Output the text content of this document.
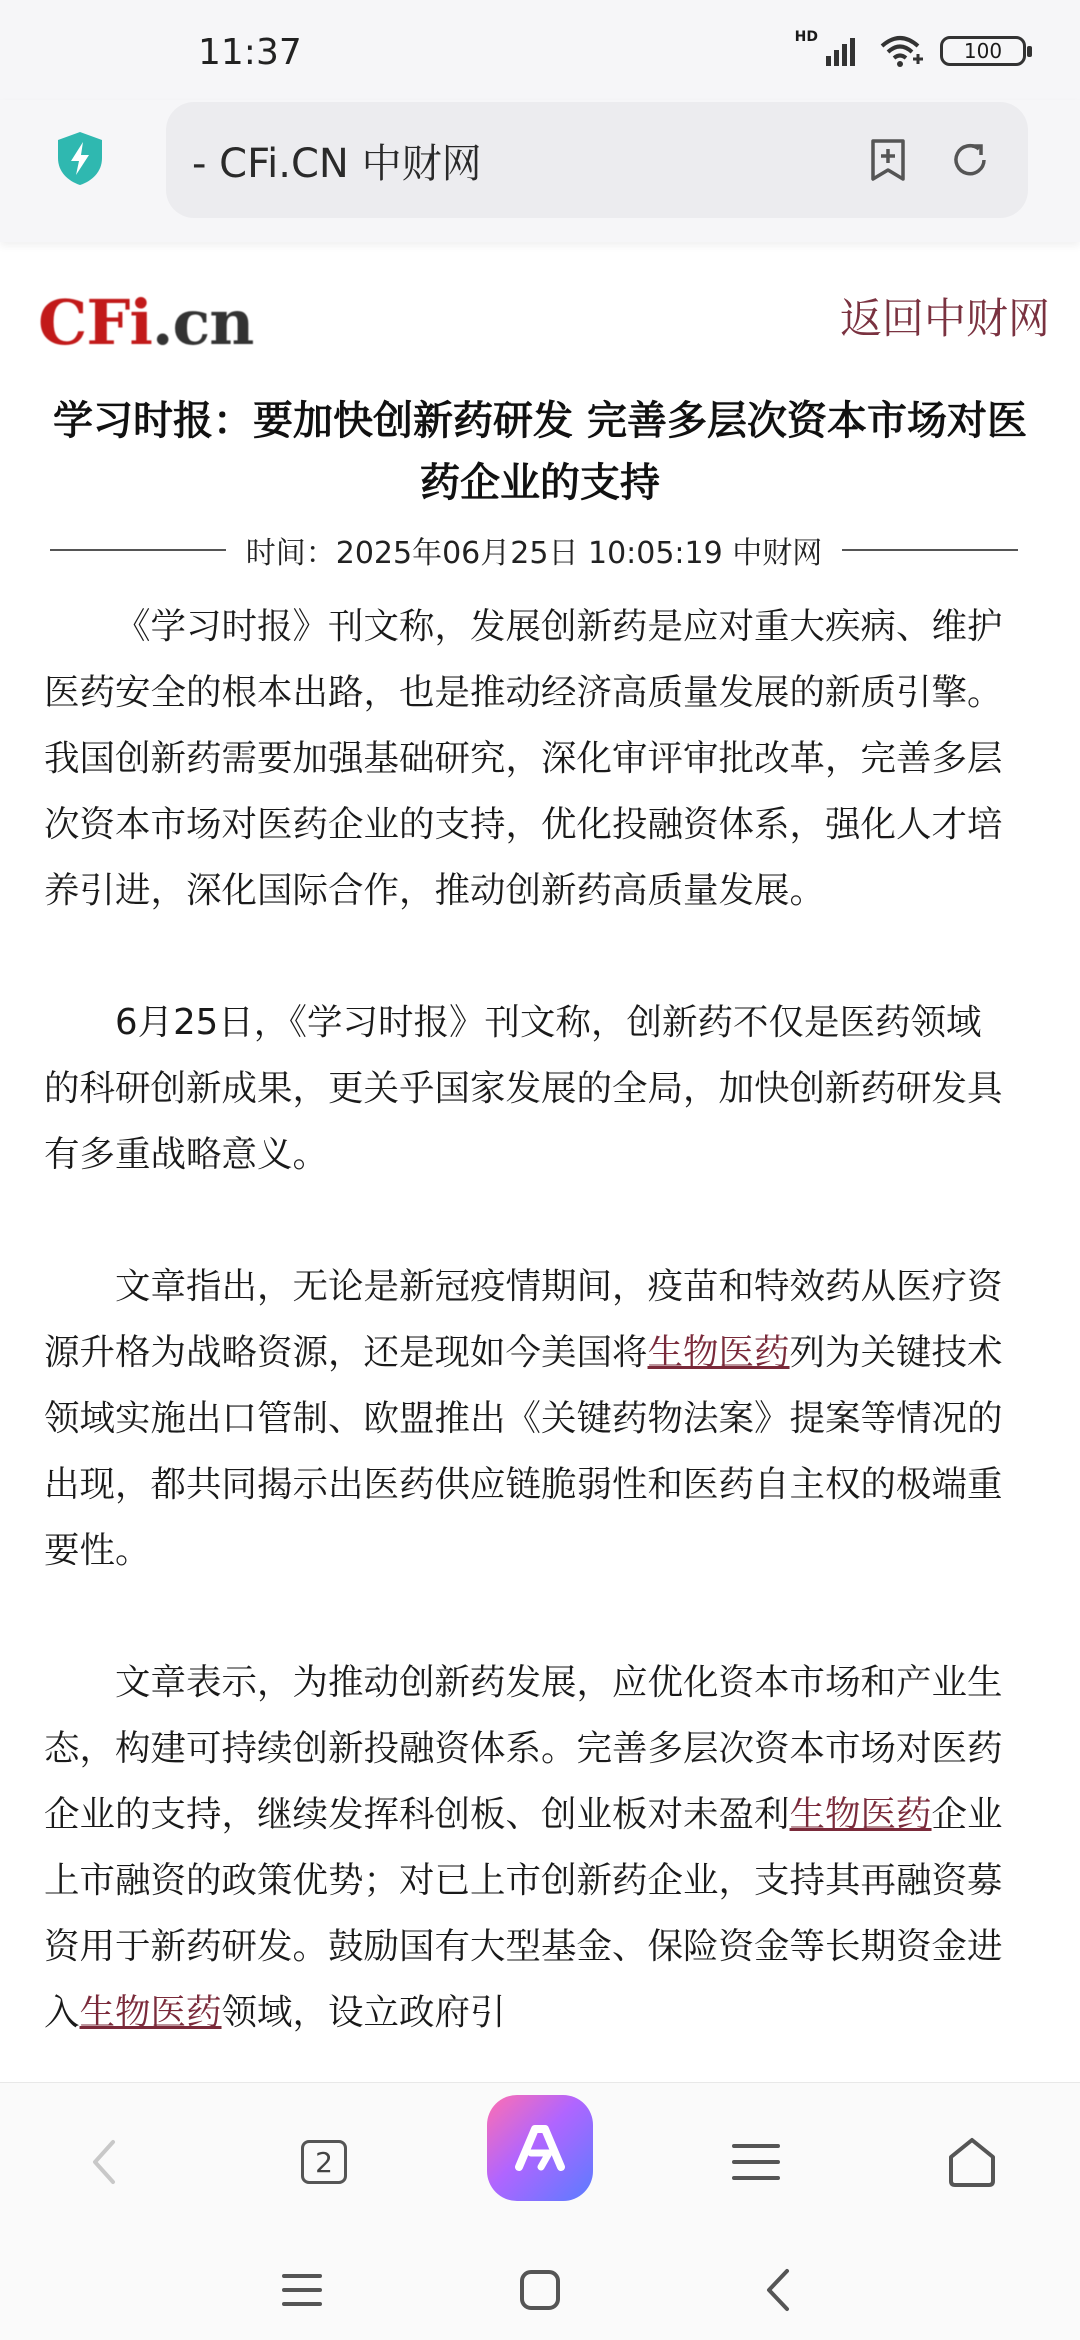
11:37	HD
100
- CFi.CN 中财网
CFi.cn	返回中财网
学习时报：要加快创新药研发 完善多层次资本市场对医药企业的支持
时间：2025年06月25日 10:05:19 中财网

《学习时报》刊文称，发展创新药是应对重大疾病、维护医药安全的根本出路，也是推动经济高质量发展的新质引擎。我国创新药需要加强基础研究，深化审评审批改革，完善多层次资本市场对医药企业的支持，优化投融资体系，强化人才培养引进，深化国际合作，推动创新药高质量发展。

6月25日，《学习时报》刊文称，创新药不仅是医药领域的科研创新成果，更关乎国家发展的全局，加快创新药研发具有多重战略意义。

文章指出，无论是新冠疫情期间，疫苗和特效药从医疗资源升格为战略资源，还是现如今美国将生物医药列为关键技术领域实施出口管制、欧盟推出《关键药物法案》提案等情况的出现，都共同揭示出医药供应链脆弱性和医药自主权的极端重要性。

文章表示，为推动创新药发展，应优化资本市场和产业生态，构建可持续创新投融资体系。完善多层次资本市场对医药企业的支持，继续发挥科创板、创业板对未盈利生物医药企业上市融资的政策优势；对已上市创新药企业，支持其再融资募资用于新药研发。鼓励国有大型基金、保险资金等长期资金进入生物医药领域，设立政府引

2
